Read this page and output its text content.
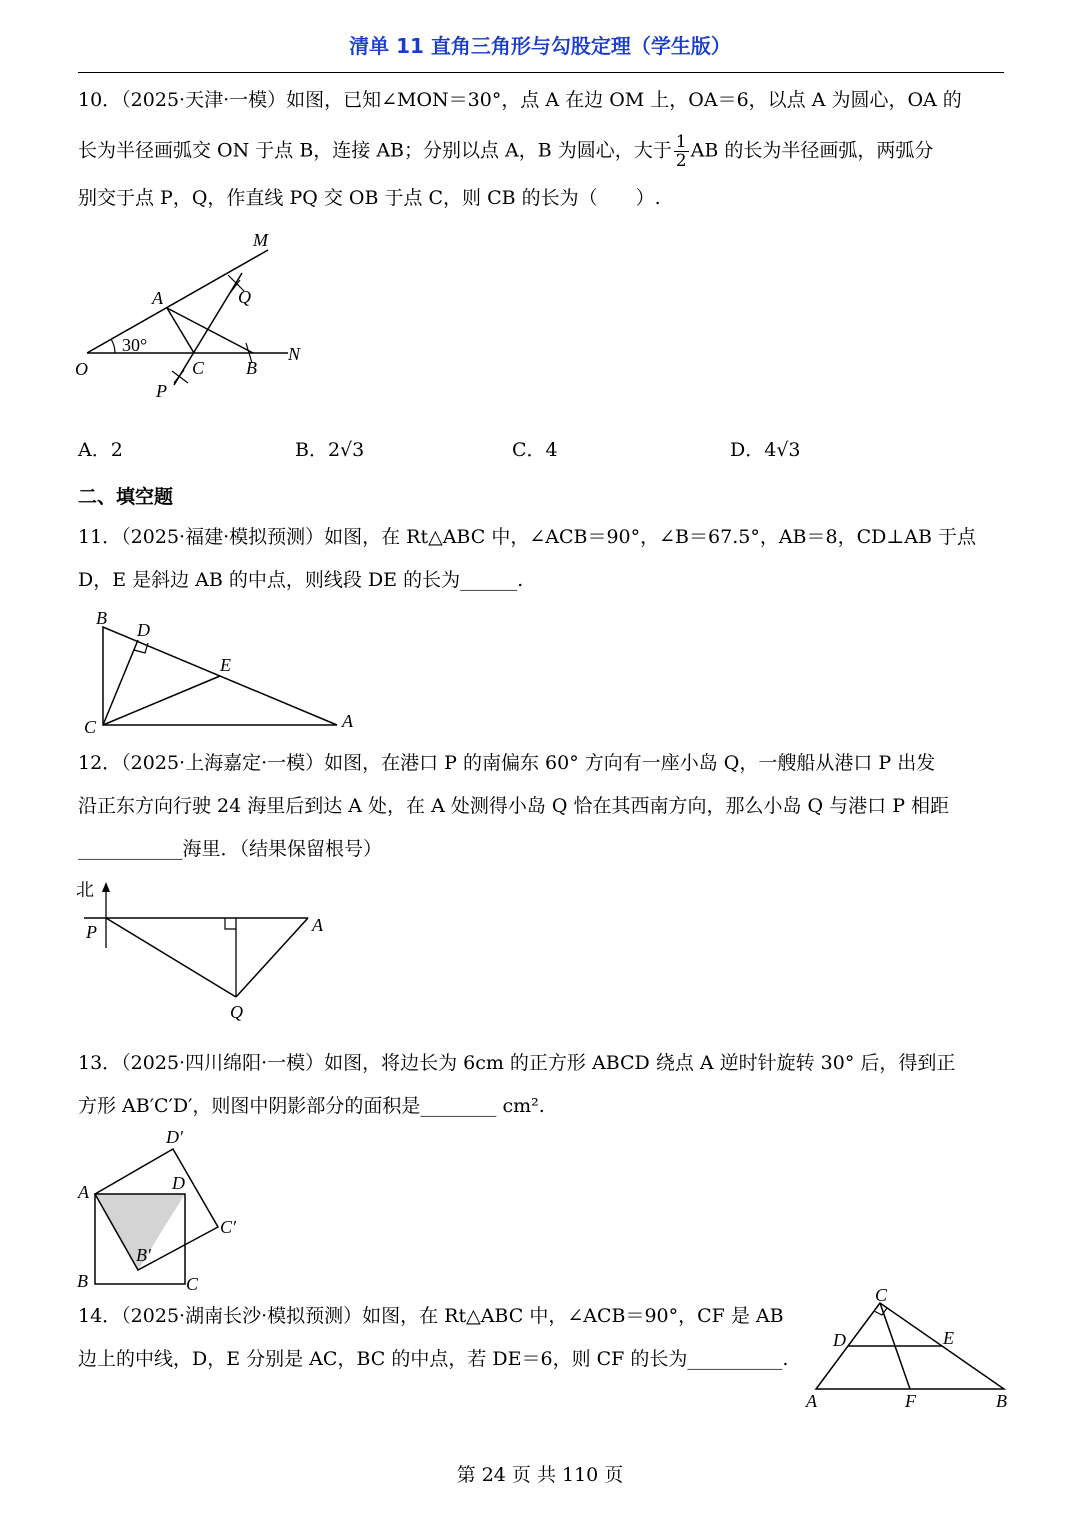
清单 11 直角三角形与勾股定理（学生版）
10．（2025·天津·一模）如图，已知∠MON＝30°，点 A 在边 OM 上，OA＝6，以点 A 为圆心，OA 的
长为半径画弧交 ON 于点 B，连接 AB；分别以点 A，B 为圆心，大于 $\frac{1}{2}$ AB 的长为半径画弧，两弧分
别交于点 P，Q，作直线 PQ 交 OB 于点 C，则 CB 的长为（　　）.
M
A	Q
O	C B
N
P
30°
A．2	B．2√3	C．4	D．4√3
二、填空题
11．（2025·福建·模拟预测）如图，在 Rt△ABC 中，∠ACB＝90°，∠B＝67.5°，AB＝8，CD⊥AB 于点
D，E 是斜边 AB 的中点，则线段 DE 的长为______.
B
D
E
C	A
12．（2025·上海嘉定·一模）如图，在港口 P 的南偏东 60° 方向有一座小岛 Q，一艘船从港口 P 出发
沿正东方向行驶 24 海里后到达 A 处，在 A 处测得小岛 Q 恰在其西南方向，那么小岛 Q 与港口 P 相距
___________海里．（结果保留根号）
北
P	A
Q
13．（2025·四川绵阳·一模）如图，将边长为 6cm 的正方形 ABCD 绕点 A 逆时针旋转 30° 后，得到正
方形 AB′C′D′，则图中阴影部分的面积是________ cm².
D′
A	D
C′
B′
B	C
14．（2025·湖南长沙·模拟预测）如图，在 Rt△ABC 中，∠ACB＝90°，CF 是 AB
边上的中线，D，E 分别是 AC，BC 的中点，若 DE＝6，则 CF 的长为__________.
C
D	E
A	F	B
第 24 页 共 110 页
